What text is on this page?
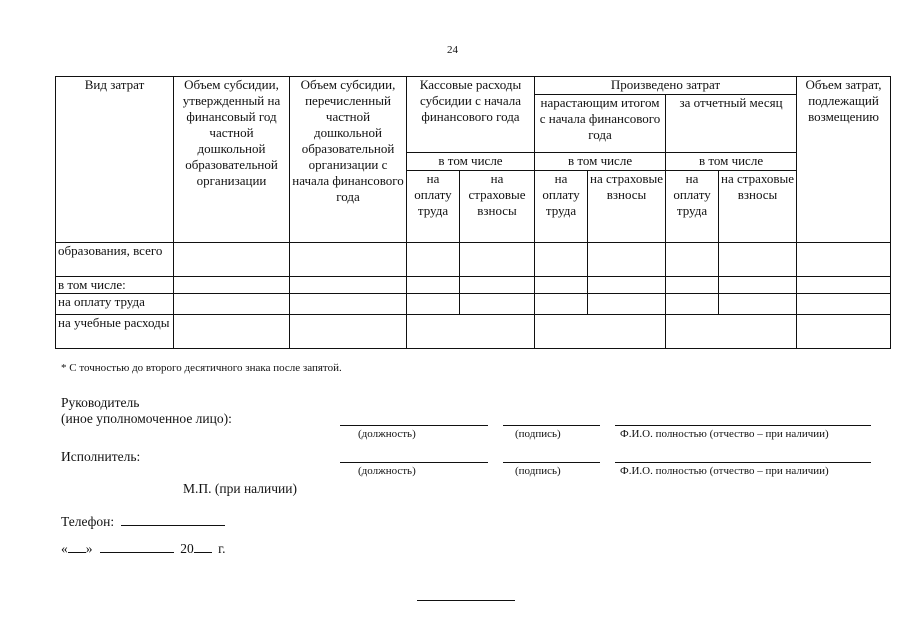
24
Вид затрат	Объем субсидии, утвержденный на финансовый год частной дошкольной образовательной организации	Объем субсидии, перечисленный частной дошкольной образовательной организации с начала финансового года	Кассовые расходы субсидии с начала финансового года		Произведено затрат				Объем затрат, подлежащий возмещению
					нарастающим итогом с начала финансового года		за отчетный месяц		

			в том числе		в том числе		в том числе		
			на оплату труда	на страховые взносы	на оплату труда	на страховые взносы	на оплату труда	на страховые взносы	

образования, всего									
в том числе:									
на оплату труда									
на учебные расходы									
* С точностью до второго десятичного знака после запятой.
Руководитель
(иное уполномоченное лицо):
(должность)	(подпись)	Ф.И.О. полностью (отчество – при наличии)
Исполнитель:
(должность)	(подпись)	Ф.И.О. полностью (отчество – при наличии)
М.П. (при наличии)
Телефон:
« »	20 г.
